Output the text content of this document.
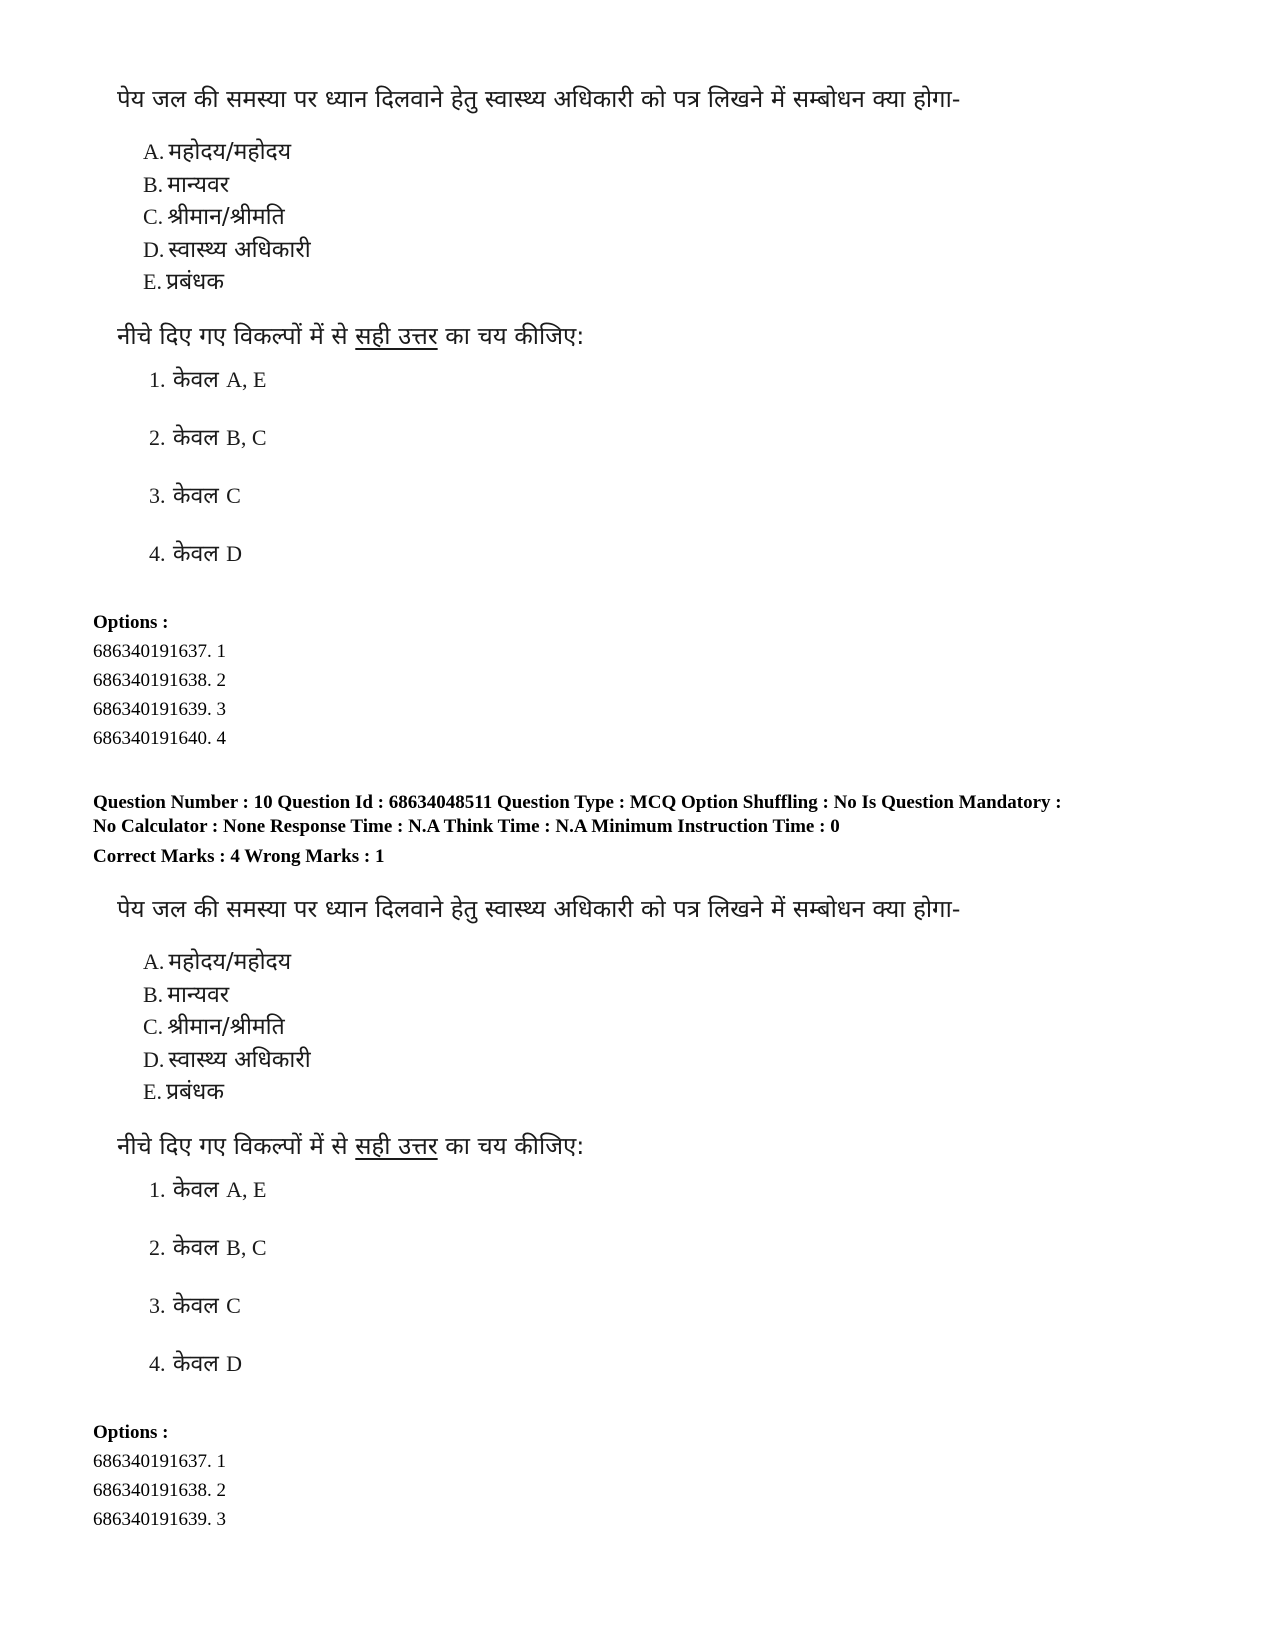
पेय जल की समस्या पर ध्यान दिलवाने हेतु स्वास्थ्य अधिकारी को पत्र लिखने में सम्बोधन क्या होगा-

A. महोदय/महोदय
B. मान्यवर
C. श्रीमान/श्रीमति
D. स्वास्थ्य अधिकारी
E. प्रबंधक

नीचे दिए गए विकल्पों में से सही उत्तर का चय कीजिए:

1. केवल A, E
2. केवल B, C
3. केवल C
4. केवल D
Options :
686340191637. 1
686340191638. 2
686340191639. 3
686340191640. 4
Question Number : 10 Question Id : 68634048511 Question Type : MCQ Option Shuffling : No Is Question Mandatory :
No Calculator : None Response Time : N.A Think Time : N.A Minimum Instruction Time : 0
Correct Marks : 4 Wrong Marks : 1

पेय जल की समस्या पर ध्यान दिलवाने हेतु स्वास्थ्य अधिकारी को पत्र लिखने में सम्बोधन क्या होगा-

A. महोदय/महोदय
B. मान्यवर
C. श्रीमान/श्रीमति
D. स्वास्थ्य अधिकारी
E. प्रबंधक

नीचे दिए गए विकल्पों में से सही उत्तर का चय कीजिए:

1. केवल A, E
2. केवल B, C
3. केवल C
4. केवल D
Options :
686340191637. 1
686340191638. 2
686340191639. 3
